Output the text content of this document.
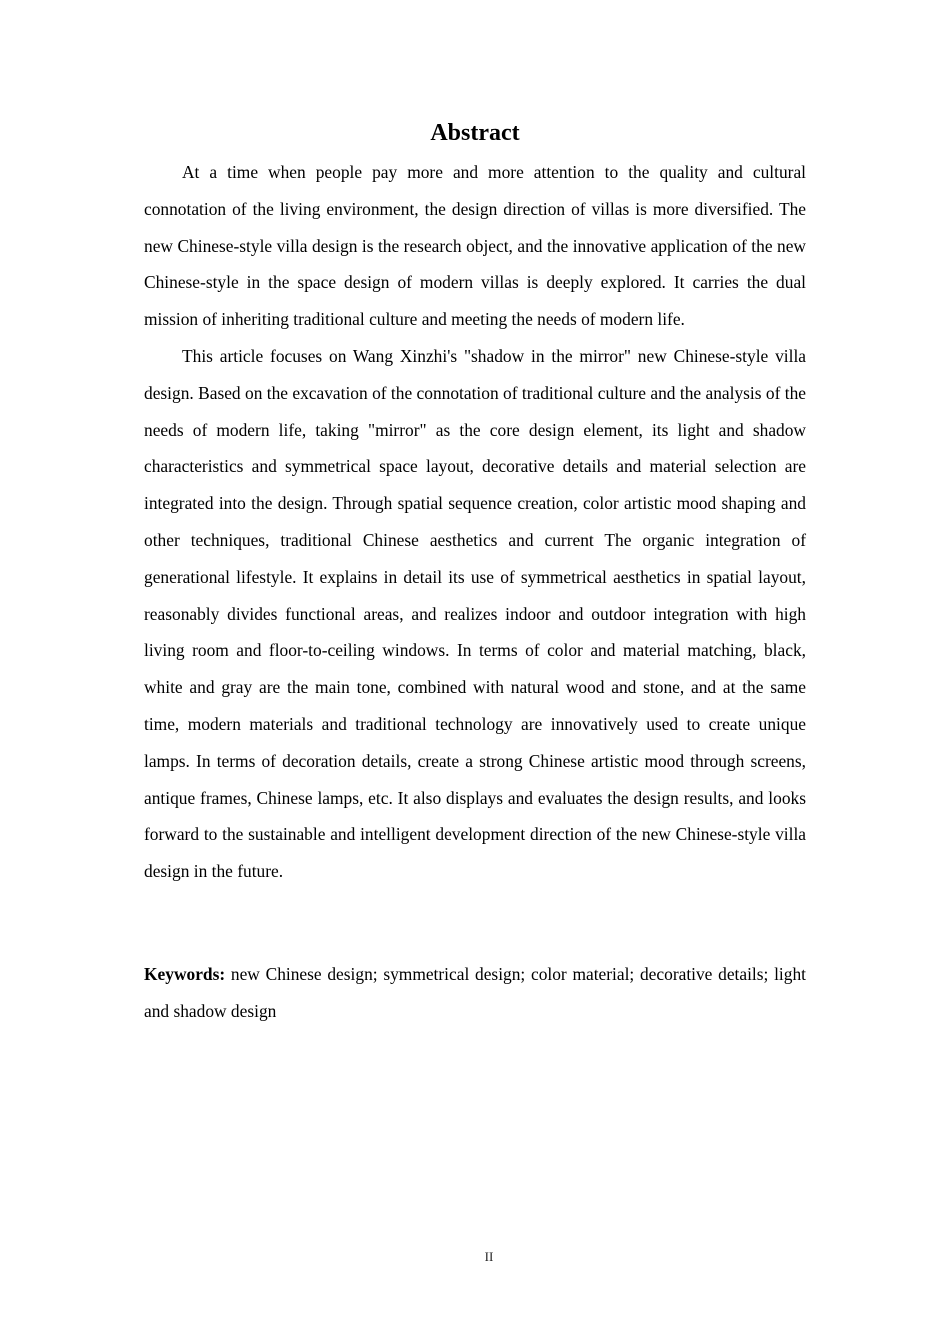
Abstract

At a time when people pay more and more attention to the quality and cultural connotation of the living environment, the design direction of villas is more diversified. The new Chinese-style villa design is the research object, and the innovative application of the new Chinese-style in the space design of modern villas is deeply explored. It carries the dual mission of inheriting traditional culture and meeting the needs of modern life.

This article focuses on Wang Xinzhi's "shadow in the mirror" new Chinese-style villa design. Based on the excavation of the connotation of traditional culture and the analysis of the needs of modern life, taking "mirror" as the core design element, its light and shadow characteristics and symmetrical space layout, decorative details and material selection are integrated into the design. Through spatial sequence creation, color artistic mood shaping and other techniques, traditional Chinese aesthetics and current The organic integration of generational lifestyle. It explains in detail its use of symmetrical aesthetics in spatial layout, reasonably divides functional areas, and realizes indoor and outdoor integration with high living room and floor-to-ceiling windows. In terms of color and material matching, black, white and gray are the main tone, combined with natural wood and stone, and at the same time, modern materials and traditional technology are innovatively used to create unique lamps. In terms of decoration details, create a strong Chinese artistic mood through screens, antique frames, Chinese lamps, etc. It also displays and evaluates the design results, and looks forward to the sustainable and intelligent development direction of the new Chinese-style villa design in the future.

Keywords: new Chinese design; symmetrical design; color material; decorative details; light and shadow design

II
